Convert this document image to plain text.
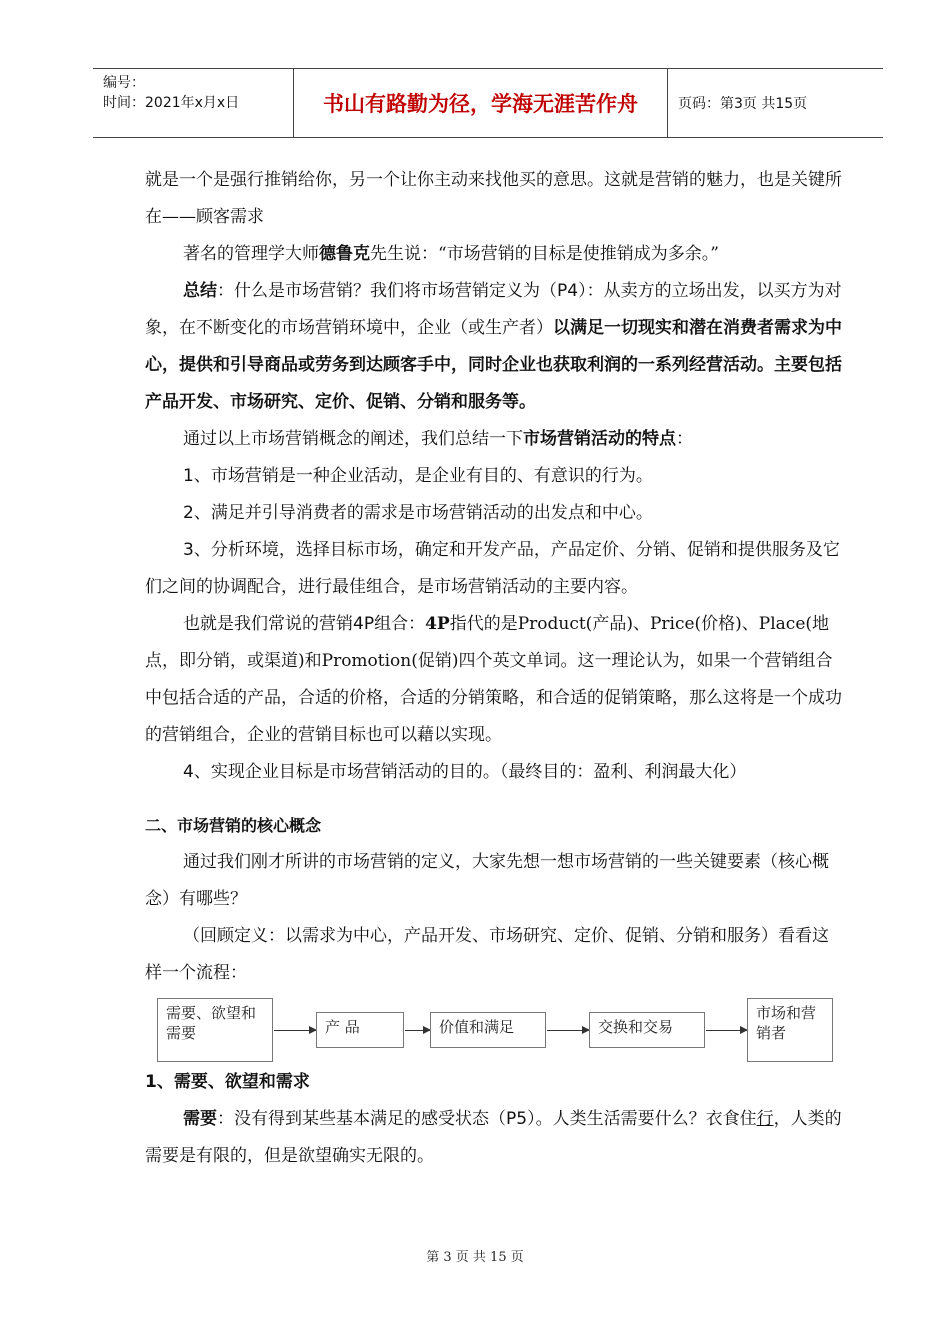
编号：
时间：2021年x月x日	书山有路勤为径，学海无涯苦作舟	页码：第3页 共15页

就是一个是强行推销给你，另一个让你主动来找他买的意思。这就是营销的魅力，也是关键所在——顾客需求

著名的管理学大师德鲁克先生说：“市场营销的目标是使推销成为多余。”

总结：什么是市场营销？我们将市场营销定义为（P4）：从卖方的立场出发，以买方为对象，在不断变化的市场营销环境中，企业（或生产者）以满足一切现实和潜在消费者需求为中心，提供和引导商品或劳务到达顾客手中，同时企业也获取利润的一系列经营活动。主要包括产品开发、市场研究、定价、促销、分销和服务等。

通过以上市场营销概念的阐述，我们总结一下市场营销活动的特点：

1、市场营销是一种企业活动，是企业有目的、有意识的行为。

2、满足并引导消费者的需求是市场营销活动的出发点和中心。

3、分析环境，选择目标市场，确定和开发产品，产品定价、分销、促销和提供服务及它们之间的协调配合，进行最佳组合，是市场营销活动的主要内容。

也就是我们常说的营销4P组合：4P指代的是Product(产品)、Price(价格)、Place(地点，即分销，或渠道)和Promotion(促销)四个英文单词。这一理论认为，如果一个营销组合中包括合适的产品，合适的价格，合适的分销策略，和合适的促销策略，那么这将是一个成功的营销组合，企业的营销目标也可以藉以实现。

4、实现企业目标是市场营销活动的目的。（最终目的：盈利、利润最大化）

二、市场营销的核心概念

通过我们刚才所讲的市场营销的定义，大家先想一想市场营销的一些关键要素（核心概念）有哪些？

（回顾定义：以需求为中心，产品开发、市场研究、定价、促销、分销和服务）看看这样一个流程：

需要、欲望和需要	产 品	价值和满足	交换和交易
市场和营销者

1、需要、欲望和需求

需要：没有得到某些基本满足的感受状态（P5）。人类生活需要什么？衣食住行，人类的需要是有限的，但是欲望确实无限的。

第 3 页 共 15 页
